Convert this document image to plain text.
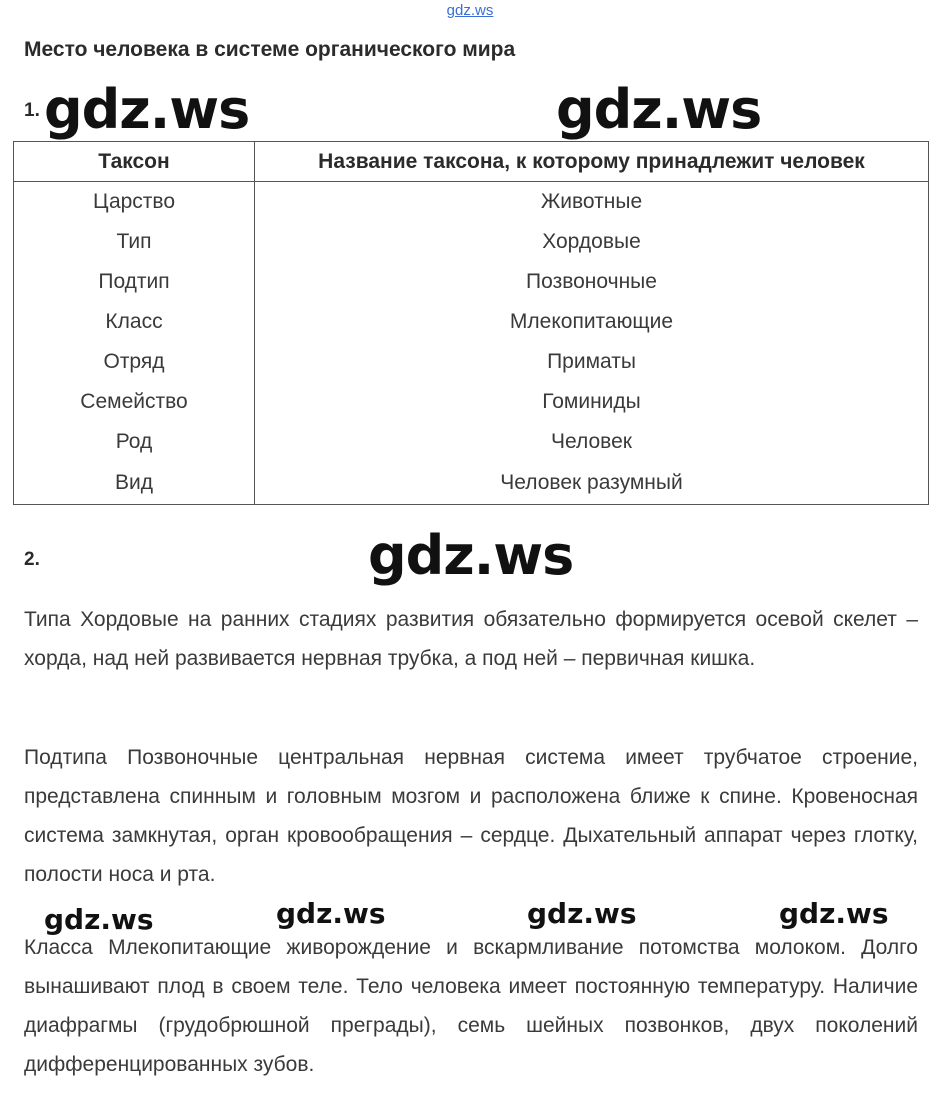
gdz.ws
Место человека в системе органического мира
1. gdz.ws	gdz.ws
Таксон	Название таксона, к которому принадлежит человек
Царство	Животные
Тип	Хордовые
Подтип	Позвоночные
Класс	Млекопитающие
Отряд	Приматы
Семейство	Гоминиды
Род	Человек
Вид	Человек разумный
2.	gdz.ws
Типа Хордовые на ранних стадиях развития обязательно формируется осевой скелет – хорда, над ней развивается нервная трубка, а под ней – первичная кишка.
Подтипа Позвоночные центральная нервная система имеет трубчатое строение, представлена спинным и головным мозгом и расположена ближе к спине. Кровеносная система замкнутая, орган кровообращения – сердце. Дыхательный аппарат через глотку, полости носа и рта.
gdz.ws	gdz.ws	gdz.ws	gdz.ws
Класса Млекопитающие живорождение и вскармливание потомства молоком. Долго вынашивают плод в своем теле. Тело человека имеет постоянную температуру. Наличие диафрагмы (грудобрюшной преграды), семь шейных позвонков, двух поколений дифференцированных зубов.
